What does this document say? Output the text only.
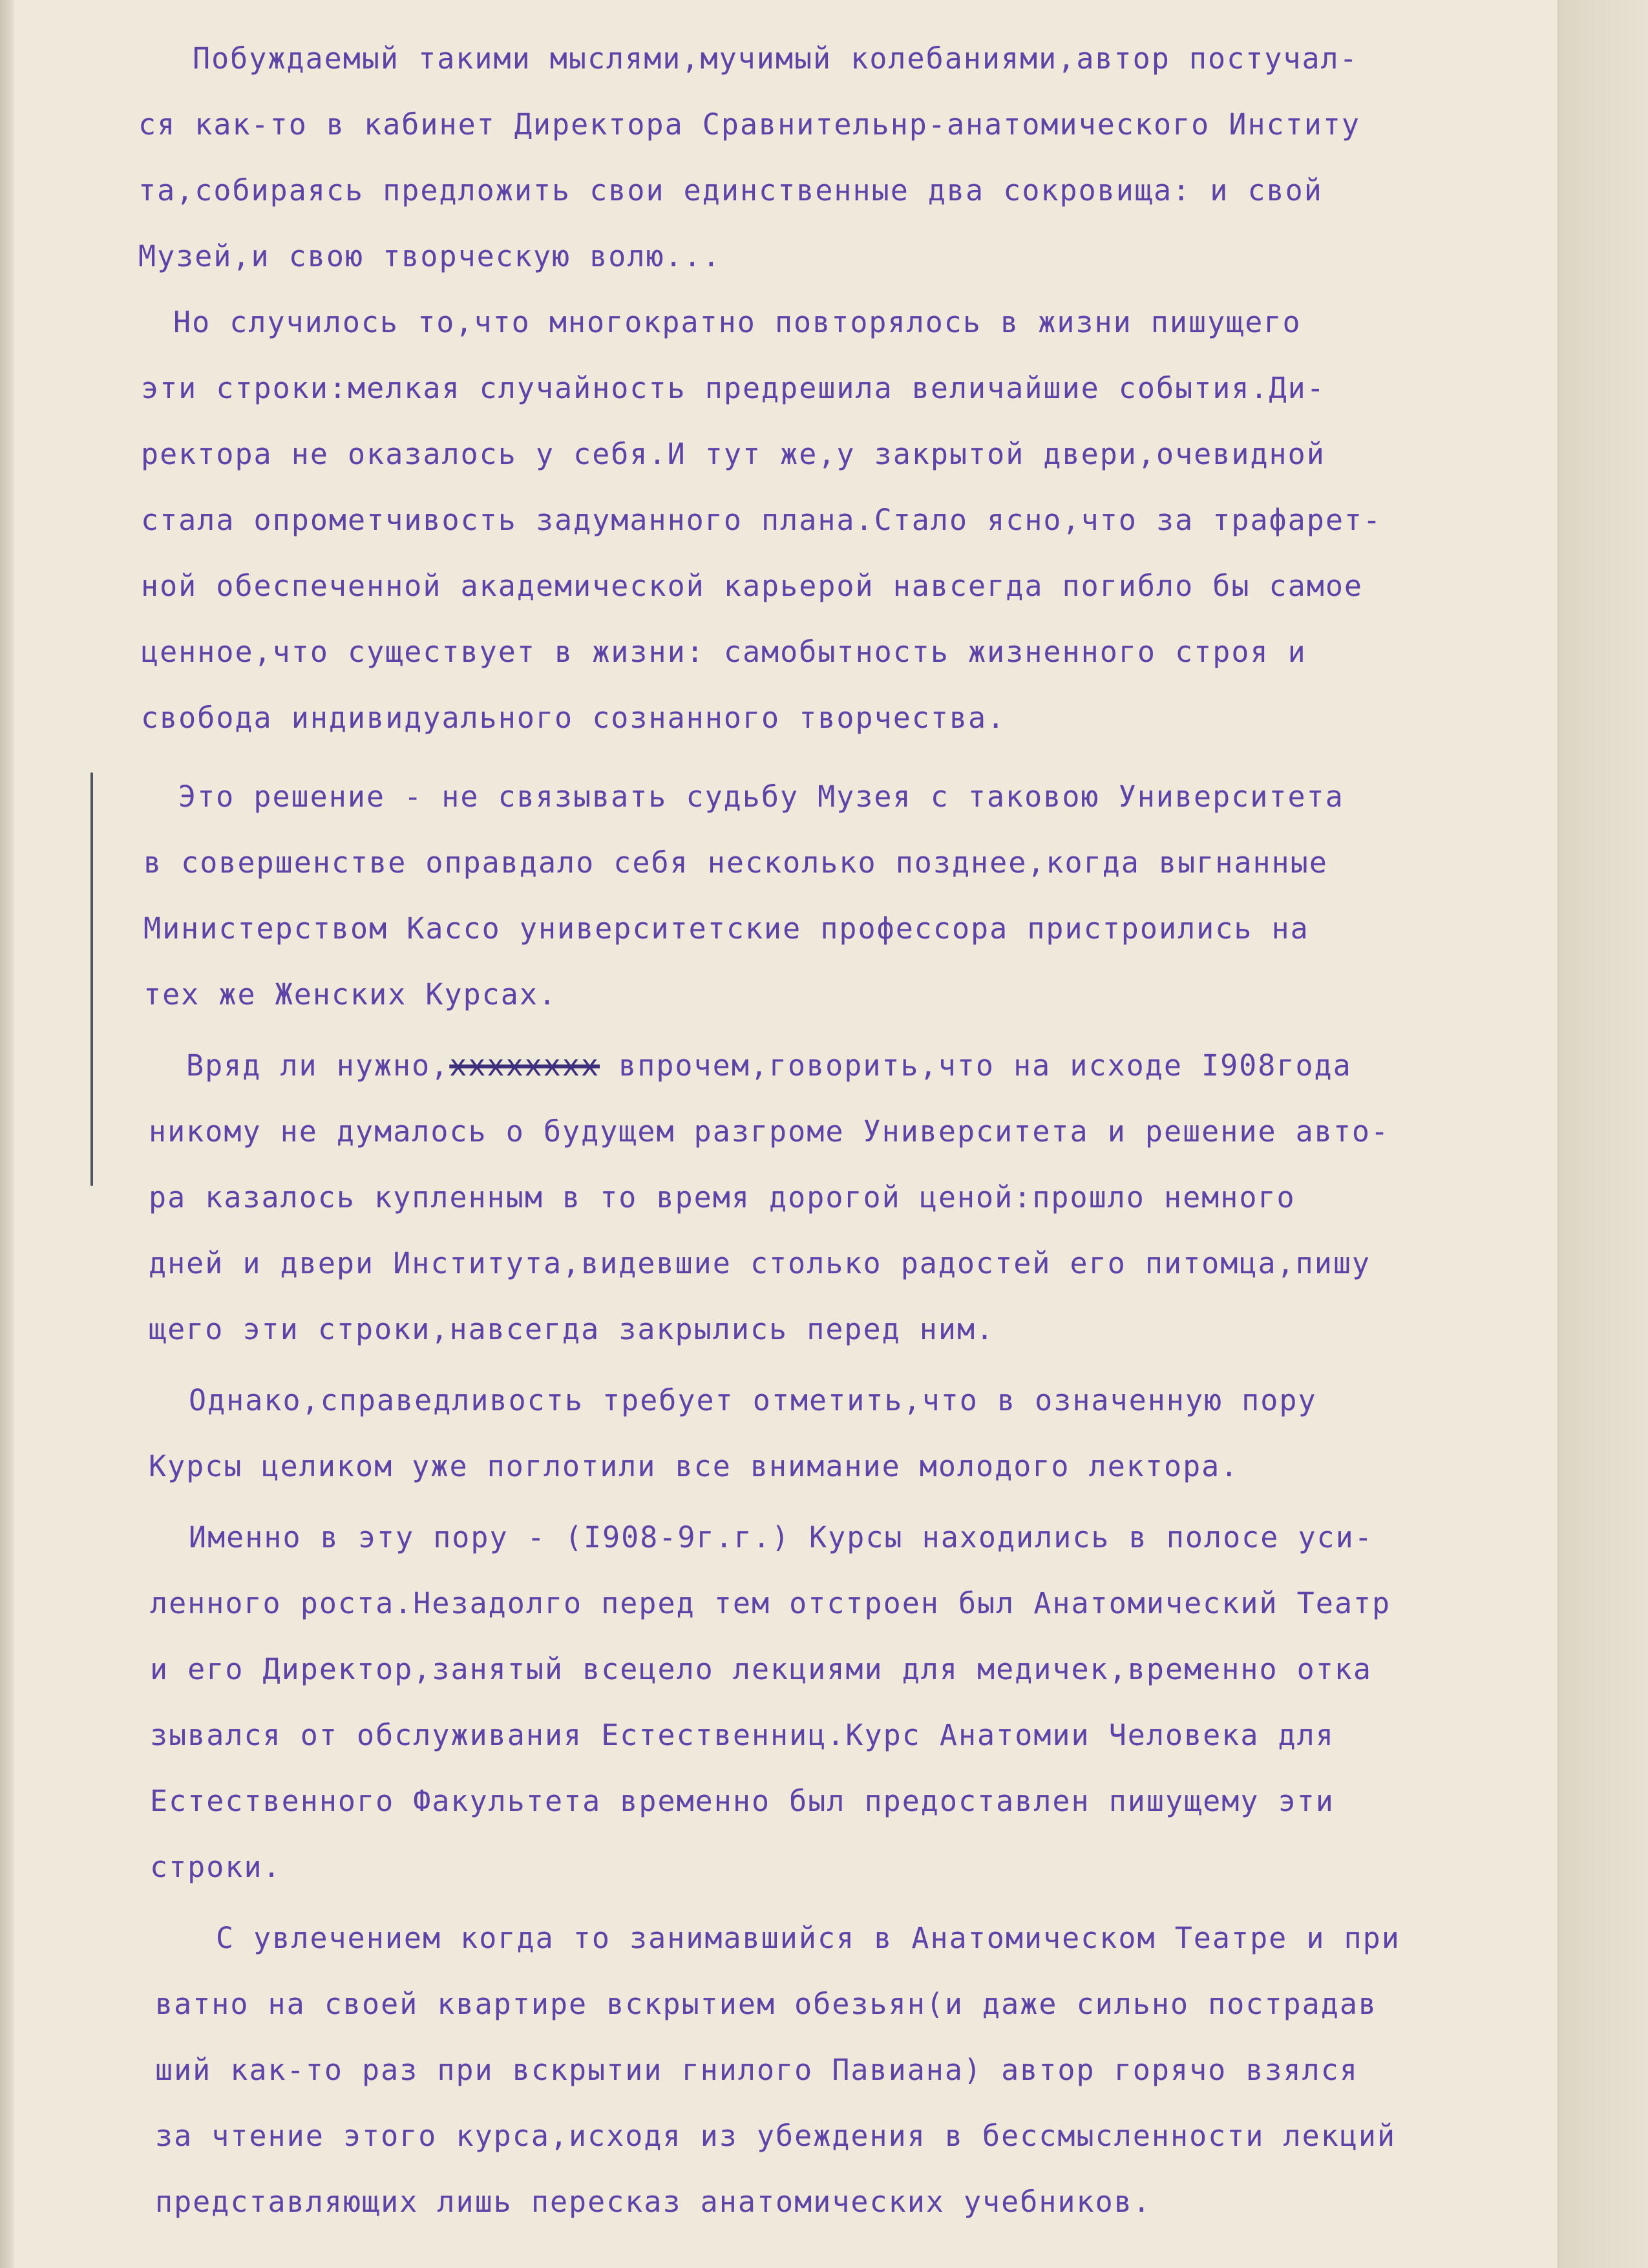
Побуждаемый такими мыслями,мучимый колебаниями,автор постучал-
ся как-то в кабинет Директора Сравнительнр-анатомического Институ
та,собираясь предложить свои единственные два сокровища: и свой
Музей,и свою творческую волю...
Но случилось то,что многократно повторялось в жизни пишущего
эти строки:мелкая случайность предрешила величайшие события.Ди-
ректора не оказалось у себя.И тут же,у закрытой двери,очевидной
стала опрометчивость задуманного плана.Стало ясно,что за трафарет-
ной обеспеченной академической карьерой навсегда погибло бы самое
ценное,что существует в жизни: самобытность жизненного строя и
свобода индивидуального сознанного творчества.
Это решение - не связывать судьбу Музея с таковою Университета
в совершенстве оправдало себя несколько позднее,когда выгнанные
Министерством Кассо университетские профессора пристроились на
тех же Женских Курсах.
Вряд ли нужно,хххххххх впрочем,говорить,что на исходе I908года
никому не думалось о будущем разгроме Университета и решение авто-
ра казалось купленным в то время дорогой ценой:прошло немного
дней и двери Института,видевшие столько радостей его питомца,пишу
щего эти строки,навсегда закрылись перед ним.
Однако,справедливость требует отметить,что в означенную пору
Курсы целиком уже поглотили все внимание молодого лектора.
Именно в эту пору - (I908-9г.г.) Курсы находились в полосе уси-
ленного роста.Незадолго перед тем отстроен был Анатомический Театр
и его Директор,занятый всецело лекциями для медичек,временно отка
зывался от обслуживания Естественниц.Курс Анатомии Человека для
Естественного Факультета временно был предоставлен пишущему эти
строки.
С увлечением когда то занимавшийся в Анатомическом Театре и при
ватно на своей квартире вскрытием обезьян(и даже сильно пострадав
ший как-то раз при вскрытии гнилого Павиана) автор горячо взялся
за чтение этого курса,исходя из убеждения в бессмысленности лекций
представляющих лишь пересказ анатомических учебников.
